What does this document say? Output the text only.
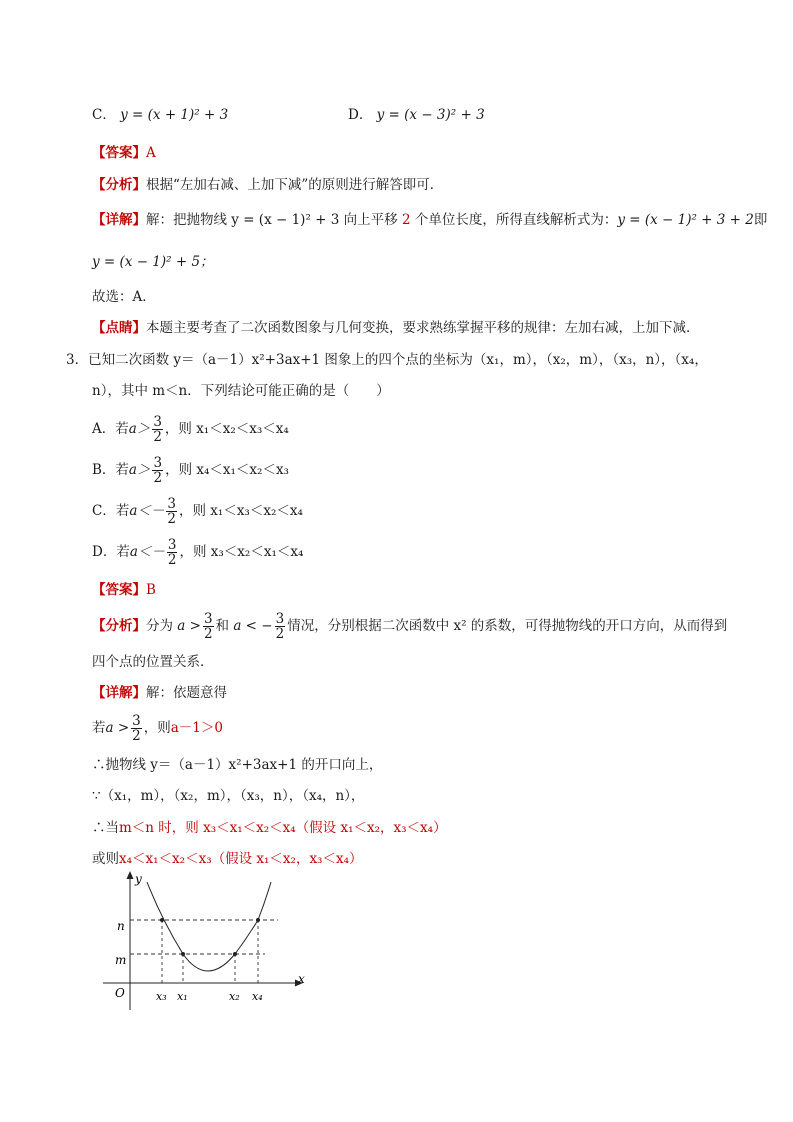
C． y = (x + 1)² + 3	D． y = (x − 3)² + 3
【答案】A
【分析】根据“左加右减、上加下减”的原则进行解答即可．
【详解】解：把抛物线 y = (x − 1)² + 3 向上平移 2 个单位长度，所得直线解析式为：y = (x − 1)² + 3 + 2即
y = (x − 1)² + 5；
故选：A．
【点睛】本题主要考查了二次函数图象与几何变换，要求熟练掌握平移的规律：左加右减，上加下减．
3．已知二次函数 y＝（a－1）x²+3ax+1 图象上的四个点的坐标为（x₁，m），（x₂，m），（x₃，n），（x₄，
n），其中 m＜n．下列结论可能正确的是（　　）
A．若$a> \frac{3}{2}$ ，则 x₁＜x₂＜x₃＜x₄
B．若$a> \frac{3}{2}$ ，则 x₄＜x₁＜x₂＜x₃
C．若$a<- \frac{3}{2}$ ，则 x₁＜x₃＜x₂＜x₄
D．若$a<- \frac{3}{2}$ ，则 x₃＜x₂＜x₁＜x₄
【答案】B
【分析】分为 $a > \frac{3}{2}$ 和 a < − $\frac{3}{2}$ 情况，分别根据二次函数中 x² 的系数，可得抛物线的开口方向，从而得到
四个点的位置关系．
【详解】解：依题意得
若$a > \frac{3}{2}$ ，则a－1＞0
∴抛物线 y＝（a－1）x²+3ax+1 的开口向上，
∵（x₁，m），（x₂，m），（x₃，n），（x₄，n），
∴当m＜n 时，则 x₃＜x₁＜x₂＜x₄（假设 x₁＜x₂，x₃＜x₄）
或则x₄＜x₁＜x₂＜x₃（假设 x₁＜x₂，x₃＜x₄）
y
x
O
n
m
x₃ x₁	x₂ x₄
